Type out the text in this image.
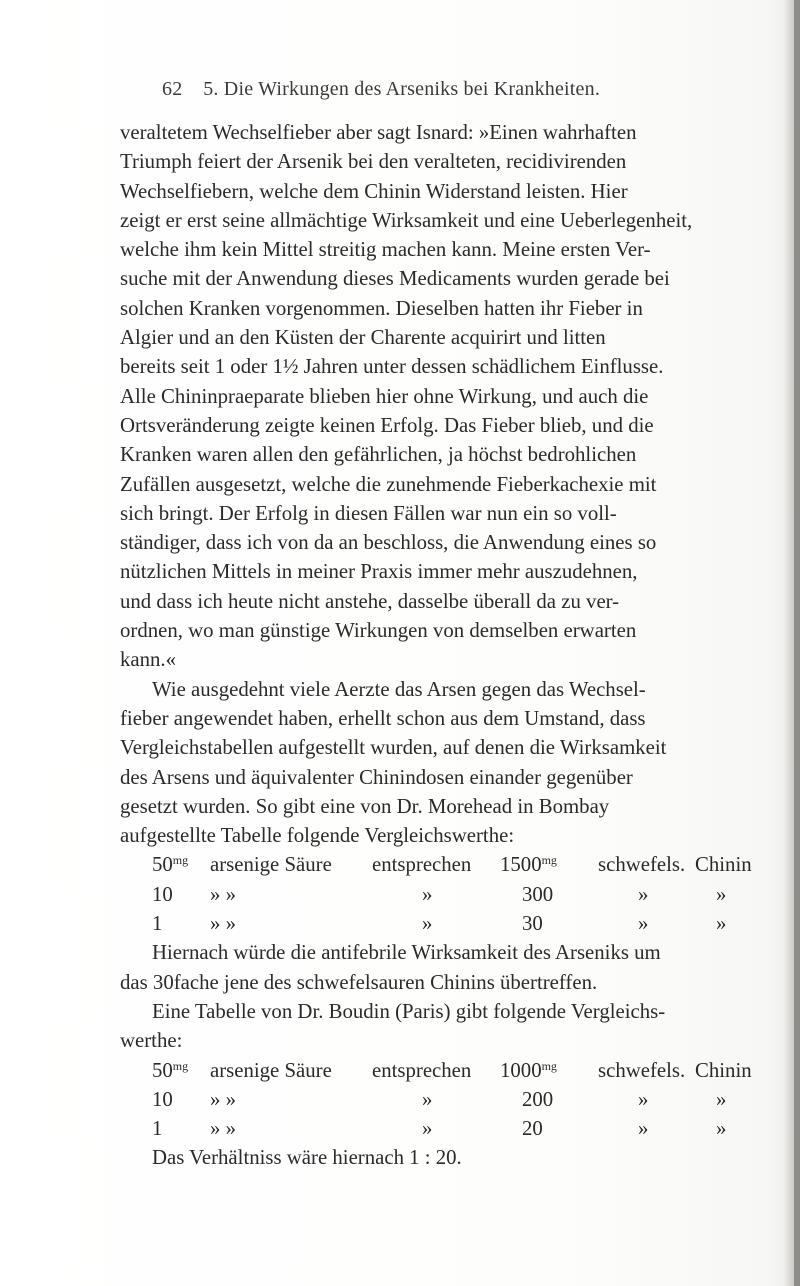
62 5. Die Wirkungen des Arseniks bei Krankheiten.
veraltetem Wechselfieber aber sagt Isnard: »Einen wahrhaften
Triumph feiert der Arsenik bei den veralteten, recidivirenden
Wechselfiebern, welche dem Chinin Widerstand leisten. Hier
zeigt er erst seine allmächtige Wirksamkeit und eine Ueberlegenheit,
welche ihm kein Mittel streitig machen kann. Meine ersten Ver-
suche mit der Anwendung dieses Medicaments wurden gerade bei
solchen Kranken vorgenommen. Dieselben hatten ihr Fieber in
Algier und an den Küsten der Charente acquirirt und litten
bereits seit 1 oder 1½ Jahren unter dessen schädlichem Einflusse.
Alle Chininpraeparate blieben hier ohne Wirkung, und auch die
Ortsveränderung zeigte keinen Erfolg. Das Fieber blieb, und die
Kranken waren allen den gefährlichen, ja höchst bedrohlichen
Zufällen ausgesetzt, welche die zunehmende Fieberkachexie mit
sich bringt. Der Erfolg in diesen Fällen war nun ein so voll-
ständiger, dass ich von da an beschloss, die Anwendung eines so
nützlichen Mittels in meiner Praxis immer mehr auszudehnen,
und dass ich heute nicht anstehe, dasselbe überall da zu ver-
ordnen, wo man günstige Wirkungen von demselben erwarten
kann.«
Wie ausgedehnt viele Aerzte das Arsen gegen das Wechsel-
fieber angewendet haben, erhellt schon aus dem Umstand, dass
Vergleichstabellen aufgestellt wurden, auf denen die Wirksamkeit
des Arsens und äquivalenter Chinindosen einander gegenüber
gesetzt wurden. So gibt eine von Dr. Morehead in Bombay
aufgestellte Tabelle folgende Vergleichswerthe:
$50^{mg}$ arsenige Säure entsprechen $1500^{mg}$ schwefels. Chinin
10 » »	»	300	»	»
1 » »	»	30	»	»
Hiernach würde die antifebrile Wirksamkeit des Arseniks um
das 30fache jene des schwefelsauren Chinins übertreffen.
Eine Tabelle von Dr. Boudin (Paris) gibt folgende Vergleichs-
werthe:
$50^{mg}$ arsenige Säure entsprechen $1000^{mg}$ schwefels. Chinin
10 » »	»	200	»	»
1 » »	»	20	»	»
Das Verhältniss wäre hiernach 1 : 20.
